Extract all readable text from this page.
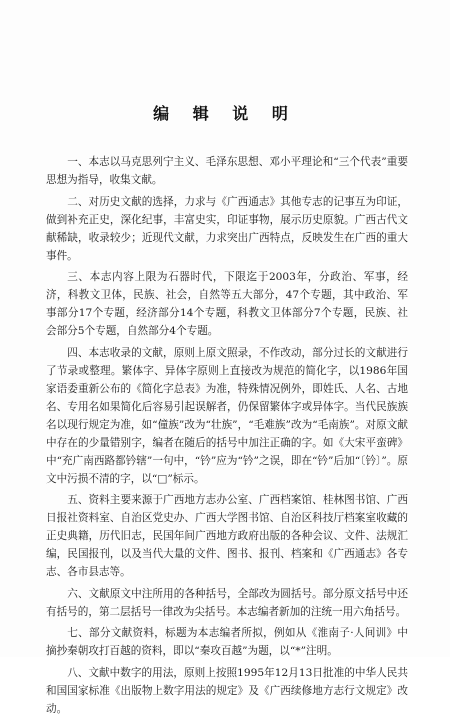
编 辑 说 明

一、本志以马克思列宁主义、毛泽东思想、邓小平理论和“三个代表”重要思想为指导，收集文献。

二、对历史文献的选择，力求与《广西通志》其他专志的记事互为印证，做到补充正史，深化纪事，丰富史实，印证事物，展示历史原貌。广西古代文献稀缺，收录较少；近现代文献，力求突出广西特点，反映发生在广西的重大事件。

三、本志内容上限为石器时代，下限迄于2003年，分政治、军事，经济，科教文卫体，民族、社会，自然等五大部分，47个专题，其中政治、军事部分17个专题，经济部分14个专题，科教文卫体部分7个专题，民族、社会部分5个专题，自然部分4个专题。

四、本志收录的文献，原则上原文照录，不作改动，部分过长的文献进行了节录或整理。繁体字、异体字原则上直接改为规范的简化字，以1986年国家语委重新公布的《简化字总表》为准，特殊情况例外，即姓氏、人名、古地名、专用名如果简化后容易引起误解者，仍保留繁体字或异体字。当代民族族名以现行规定为准，如“僮族”改为“壮族”，“毛难族”改为“毛南族”。对原文献中存在的少量错别字，编者在随后的括号中加注正确的字。如《大宋平蛮碑》中“充广南西路都钤辖”一句中，“钤”应为“钤”之误，即在“钤”后加“〔钤〕”。原文中污损不清的字，以“□”标示。

五、资料主要来源于广西地方志办公室、广西档案馆、桂林图书馆、广西日报社资料室、自治区党史办、广西大学图书馆、自治区科技厅档案室收藏的正史典籍，历代旧志，民国年间广西地方政府出版的各种会议、文件、法规汇编，民国报刊，以及当代大量的文件、图书、报刊、档案和《广西通志》各专志、各市县志等。

六、文献原文中注所用的各种括号，全部改为圆括号。部分原文括号中还有括号的，第二层括号一律改为尖括号。本志编者新加的注统一用六角括号。

七、部分文献资料，标题为本志编者所拟，例如从《淮南子·人间训》中摘抄秦朝攻打百越的资料，即以“秦攻百越”为题，以“*”注明。

八、文献中数字的用法，原则上按照1995年12月13日批准的中华人民共和国国家标准《出版物上数字用法的规定》及《广西续修地方志行文规定》改动。
